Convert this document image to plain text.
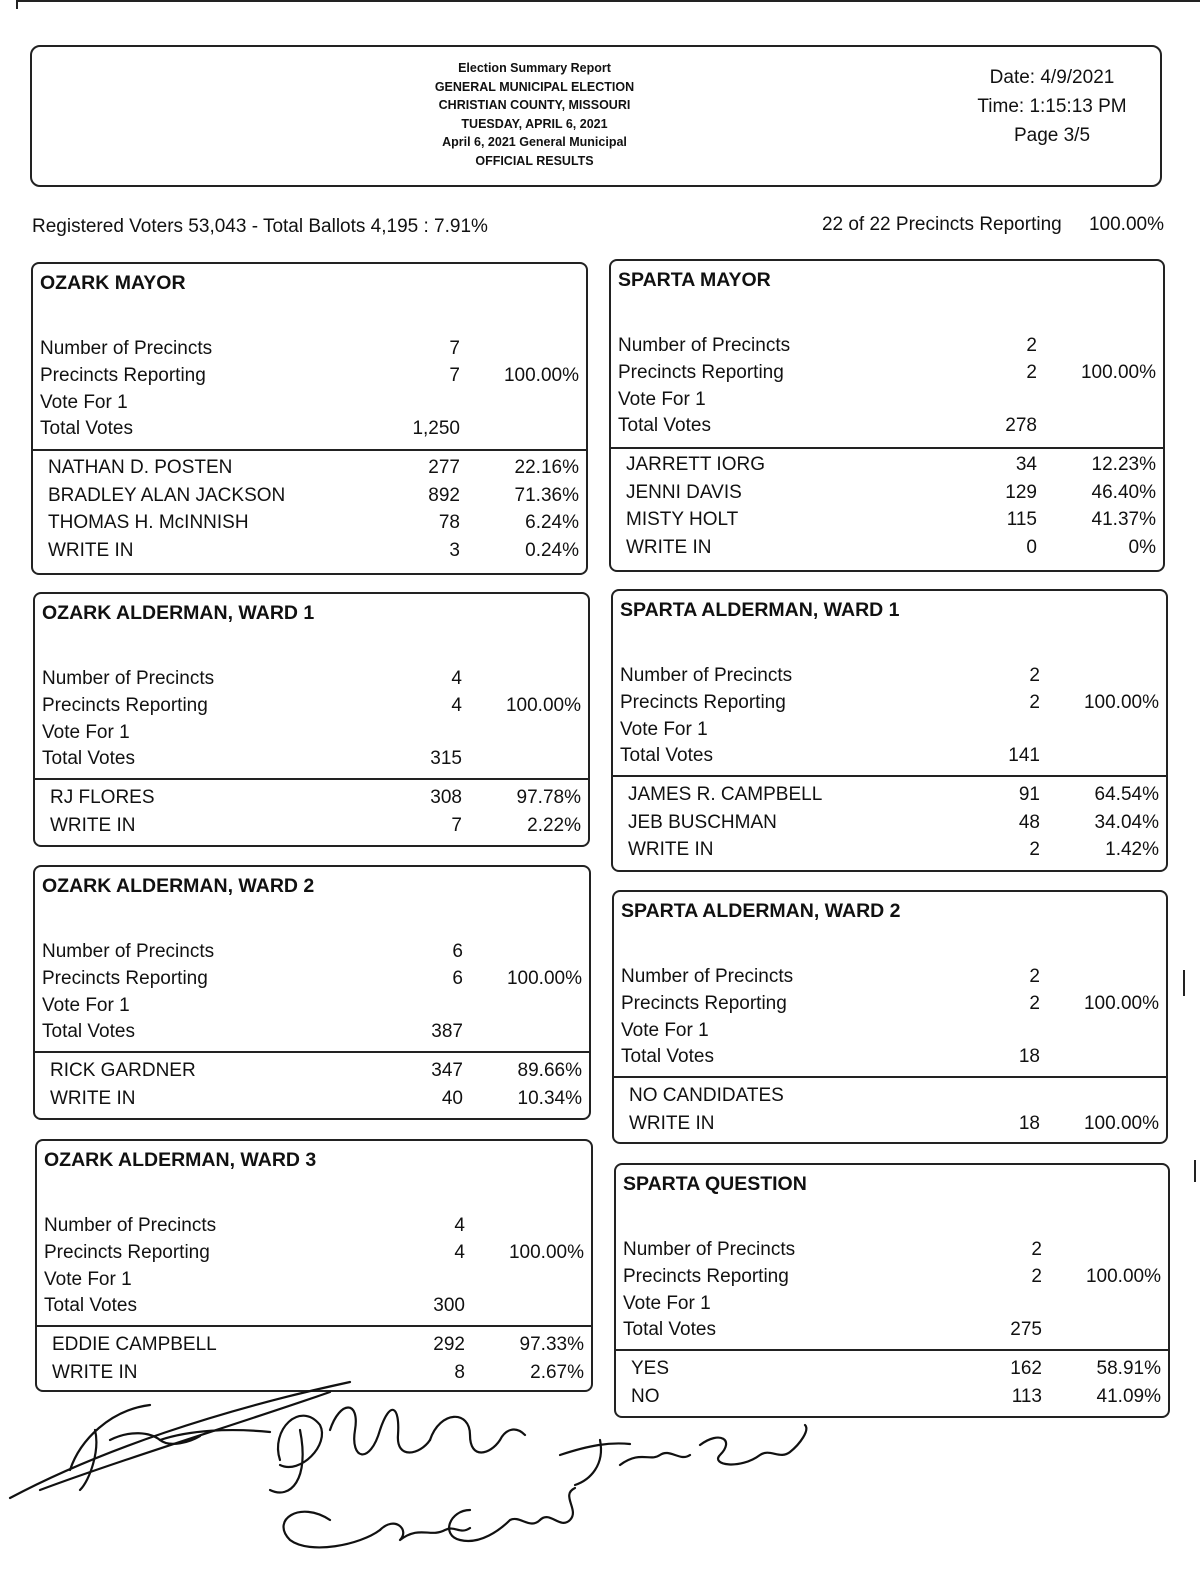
Election Summary Report
GENERAL MUNICIPAL ELECTION
CHRISTIAN COUNTY, MISSOURI
TUESDAY, APRIL 6, 2021
April 6, 2021 General Municipal
OFFICIAL RESULTS
Date: 4/9/2021
Time: 1:15:13 PM
Page 3/5
Registered Voters 53,043 - Total Ballots 4,195 : 7.91%	22 of 22 Precincts Reporting 100.00%
OZARK MAYOR
Number of Precincts	7
Precincts Reporting	7	100.00%
Vote For 1
Total Votes	1,250
NATHAN D. POSTEN	277	22.16%
BRADLEY ALAN JACKSON	892	71.36%
THOMAS H. McINNISH	78	6.24%
WRITE IN	3	0.24%
OZARK ALDERMAN, WARD 1
Number of Precincts	4
Precincts Reporting	4	100.00%
Vote For 1
Total Votes	315
RJ FLORES	308	97.78%
WRITE IN	7	2.22%
OZARK ALDERMAN, WARD 2
Number of Precincts	6
Precincts Reporting	6	100.00%
Vote For 1
Total Votes	387
RICK GARDNER	347	89.66%
WRITE IN	40	10.34%
OZARK ALDERMAN, WARD 3
Number of Precincts	4
Precincts Reporting	4	100.00%
Vote For 1
Total Votes	300
EDDIE CAMPBELL	292	97.33%
WRITE IN	8	2.67%
SPARTA MAYOR
Number of Precincts	2
Precincts Reporting	2	100.00%
Vote For 1
Total Votes	278
JARRETT IORG	34	12.23%
JENNI DAVIS	129	46.40%
MISTY HOLT	115	41.37%
WRITE IN	0	0%
SPARTA ALDERMAN, WARD 1
Number of Precincts	2
Precincts Reporting	2	100.00%
Vote For 1
Total Votes	141
JAMES R. CAMPBELL	91	64.54%
JEB BUSCHMAN	48	34.04%
WRITE IN	2	1.42%
SPARTA ALDERMAN, WARD 2
Number of Precincts	2
Precincts Reporting	2	100.00%
Vote For 1
Total Votes	18
NO CANDIDATES
WRITE IN	18	100.00%
SPARTA QUESTION
Number of Precincts	2
Precincts Reporting	2	100.00%
Vote For 1
Total Votes	275
YES	162	58.91%
NO	113	41.09%
